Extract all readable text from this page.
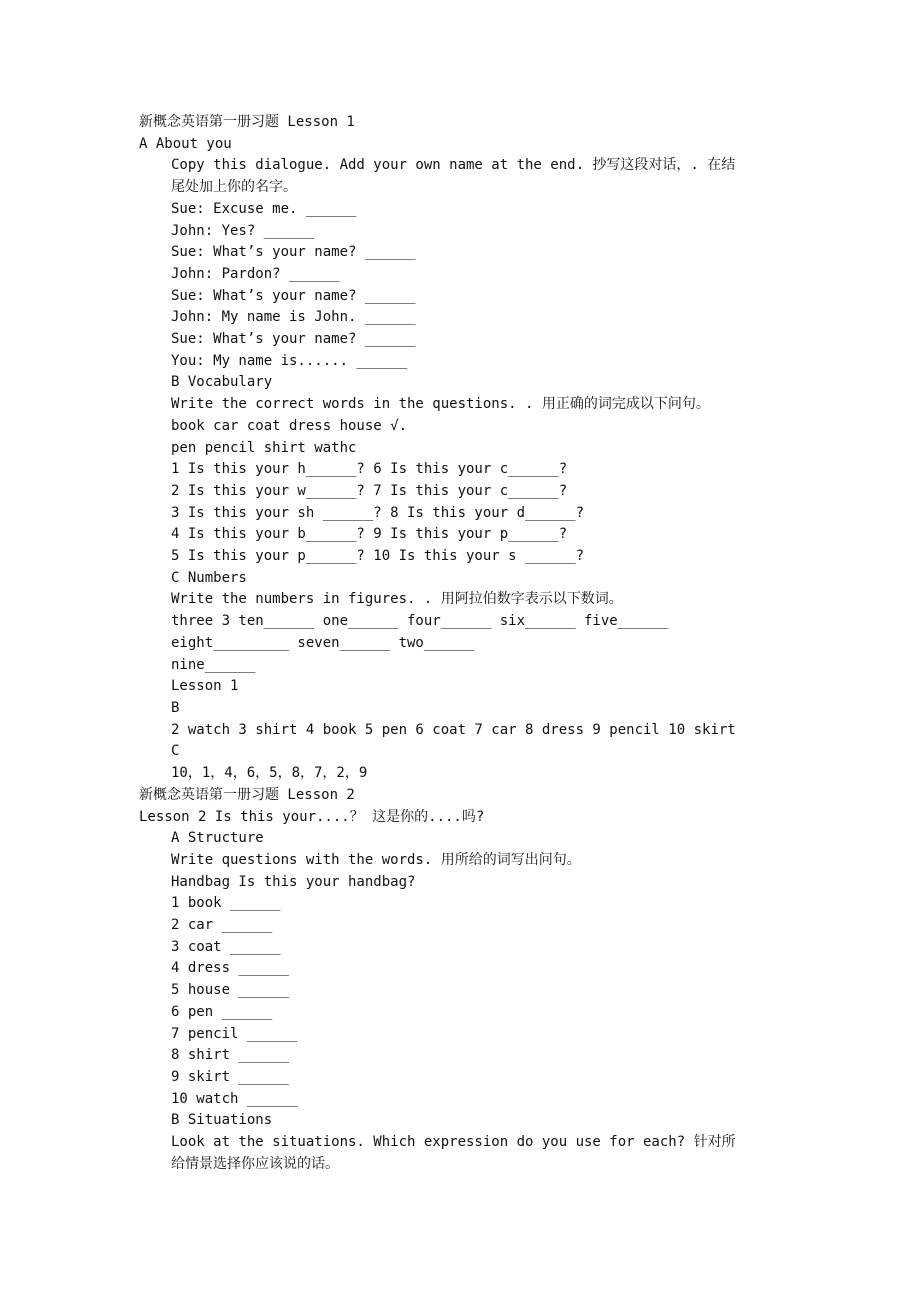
新概念英语第一册习题 Lesson 1

A About you

Copy this dialogue. Add your own name at the end. 抄写这段对话，. 在结尾处加上你的名字。

Sue: Excuse me. ______

John: Yes? ______

Sue: What’s your name? ______

John: Pardon? ______

Sue: What’s your name? ______

John: My name is John. ______

Sue: What’s your name? ______

You: My name is...... ______

B Vocabulary

Write the correct words in the questions. . 用正确的词完成以下问句。

book car coat dress house √.

pen pencil shirt wathc

1 Is this your h______? 6 Is this your c______?

2 Is this your w______? 7 Is this your c______?

3 Is this your sh ______? 8 Is this your d______?

4 Is this your b______? 9 Is this your p______?

5 Is this your p______? 10 Is this your s ______?

C Numbers

Write the numbers in figures. . 用阿拉伯数字表示以下数词。

three 3 ten______ one______ four______ six______ five______

eight_________ seven______ two______

nine______

Lesson 1

B

2 watch 3 shirt 4 book 5 pen 6 coat 7 car 8 dress 9 pencil 10 skirt

C

10，1，4，6，5，8，7，2，9

新概念英语第一册习题 Lesson 2

Lesson 2 Is this your....？ 这是你的....吗?

A Structure

Write questions with the words. 用所给的词写出问句。

Handbag Is this your handbag?

1 book ______

2 car ______

3 coat ______

4 dress ______

5 house ______

6 pen ______

7 pencil ______

8 shirt ______

9 skirt ______

10 watch ______

B Situations

Look at the situations. Which expression do you use for each? 针对所给情景选择你应该说的话。
